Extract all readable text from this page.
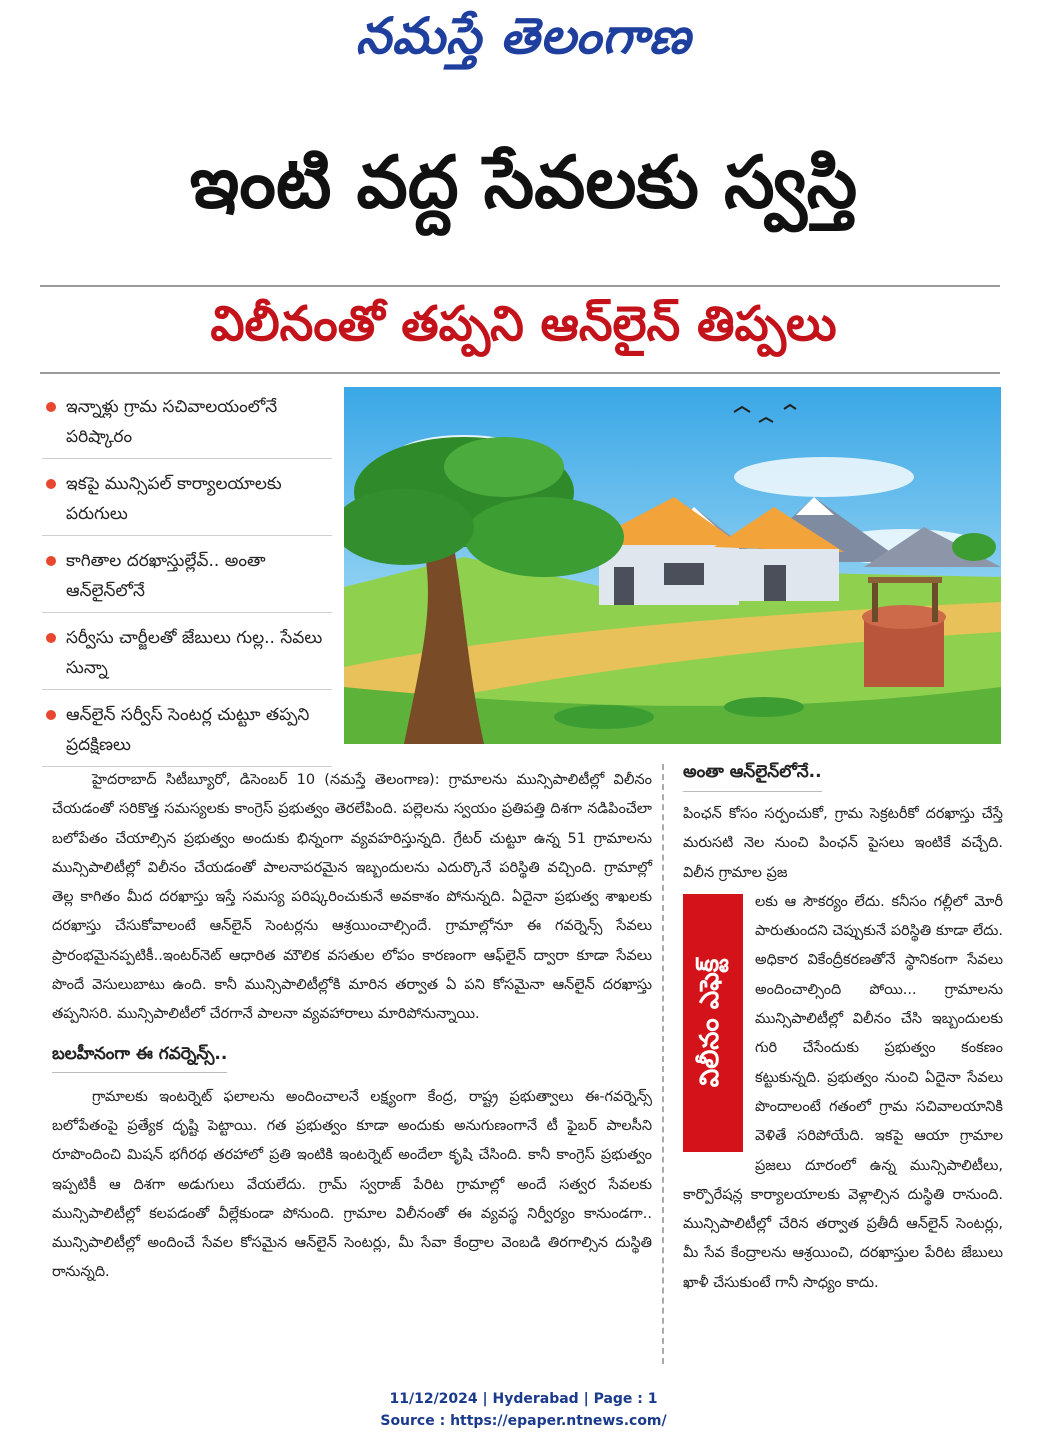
నమస్తే తెలంగాణ
ఇంటి వద్ద సేవలకు స్వస్తి
విలీనంతో తప్పని ఆన్‌లైన్ తిప్పలు
ఇన్నాళ్లు గ్రామ సచివాలయంలోనే పరిష్కారం
ఇకపై మున్సిపల్ కార్యాలయాలకు పరుగులు
కాగితాల దరఖాస్తుల్లేవ్.. అంతా ఆన్‌లైన్‌లోనే
సర్వీసు చార్జీలతో జేబులు గుల్ల.. సేవలు సున్నా
ఆన్‌లైన్ సర్వీస్ సెంటర్ల చుట్టూ తప్పని ప్రదక్షిణలు

హైదరాబాద్ సిటీబ్యూరో, డిసెంబర్ 10 (నమస్తే తెలంగాణ): గ్రామాలను మున్సిపాలిటీల్లో విలీనం చేయడంతో సరికొత్త సమస్యలకు కాంగ్రెస్ ప్రభుత్వం తెరలేపింది. పల్లెలను స్వయం ప్రతిపత్తి దిశగా నడిపించేలా బలోపేతం చేయాల్సిన ప్రభుత్వం అందుకు భిన్నంగా వ్యవహరిస్తున్నది. గ్రేటర్ చుట్టూ ఉన్న 51 గ్రామాలను మున్సిపాలిటీల్లో విలీనం చేయడంతో పాలనాపరమైన ఇబ్బందులను ఎదుర్కొనే పరిస్థితి వచ్చింది. గ్రామాల్లో తెల్ల కాగితం మీద దరఖాస్తు ఇస్తే సమస్య పరిష్కరించుకునే అవకాశం పోనున్నది. ఏదైనా ప్రభుత్వ శాఖలకు దరఖాస్తు చేసుకోవాలంటే ఆన్‌లైన్ సెంటర్లను ఆశ్రయించాల్సిందే. గ్రామాల్లోనూ ఈ గవర్నెన్స్ సేవలు ప్రారంభమైనప్పటికీ..ఇంటర్‌నెట్ ఆధారిత మౌలిక వసతుల లోపం కారణంగా ఆఫ్‌లైన్ ద్వారా కూడా సేవలు పొందే వెసులుబాటు ఉంది. కానీ మున్సిపాలిటీల్లోకి మారిన తర్వాత ఏ పని కోసమైనా ఆన్‌లైన్ దరఖాస్తు తప్పనిసరి. మున్సిపాలిటీలో చేరగానే పాలనా వ్యవహారాలు మారిపోనున్నాయి.

బలహీనంగా ఈ గవర్నెన్స్..

గ్రామాలకు ఇంటర్నెట్ ఫలాలను అందించాలనే లక్ష్యంగా కేంద్ర, రాష్ట్ర ప్రభుత్వాలు ఈ-గవర్నెన్స్ బలోపేతంపై ప్రత్యేక దృష్టి పెట్టాయి. గత ప్రభుత్వం కూడా అందుకు అనుగుణంగానే టీ ఫైబర్ పాలసీని రూపొందించి మిషన్ భగీరథ తరహాలో ప్రతి ఇంటికి ఇంటర్నెట్ అందేలా కృషి చేసింది. కానీ కాంగ్రెస్ ప్రభుత్వం ఇప్పటికీ ఆ దిశగా అడుగులు వేయలేదు. గ్రామ్ స్వరాజ్ పేరిట గ్రామాల్లో అందే సత్వర సేవలకు మున్సిపాలిటీల్లో కలపడంతో వీల్లేకుండా పోనుంది. గ్రామాల విలీనంతో ఈ వ్యవస్థ నిర్వీర్యం కానుండగా.. మున్సిపాలిటీల్లో అందించే సేవల కోసమైన ఆన్‌లైన్ సెంటర్లు, మీ సేవా కేంద్రాల వెంబడి తిరగాల్సిన దుస్థితి రానున్నది.

అంతా ఆన్‌లైన్‌లోనే..

పింఛన్ కోసం సర్పంచుకో, గ్రామ సెక్రటరీకో దరఖాస్తు చేస్తే మరుసటి నెల నుంచి పింఛన్ పైసలు ఇంటికే వచ్చేది. విలీన గ్రామాల ప్రజ

విలీనం ఎఫెక్ట్

లకు ఆ సౌకర్యం లేదు. కనీసం గల్లీలో మోరీ పారుతుందని చెప్పుకునే పరిస్థితి కూడా లేదు. అధికార వికేంద్రీకరణతోనే స్థానికంగా సేవలు అందించాల్సింది పోయి... గ్రామాలను మున్సిపాలిటీల్లో విలీనం చేసి ఇబ్బందులకు గురి చేసేందుకు ప్రభుత్వం కంకణం కట్టుకున్నది. ప్రభుత్వం నుంచి ఏదైనా సేవలు పొందాలంటే గతంలో గ్రామ సచివాలయానికి వెళితే సరిపోయేది. ఇకపై ఆయా గ్రామాల ప్రజలు దూరంలో ఉన్న మున్సిపాలిటీలు, కార్పొరేషన్ల కార్యాలయాలకు వెళ్లాల్సిన దుస్థితి రానుంది. మున్సిపాలిటీల్లో చేరిన తర్వాత ప్రతీదీ ఆన్‌లైన్ సెంటర్లు, మీ సేవ కేంద్రాలను ఆశ్రయించి, దరఖాస్తుల పేరిట జేబులు ఖాళీ చేసుకుంటే గానీ సాధ్యం కాదు.

11/12/2024 | Hyderabad | Page : 1
Source : https://epaper.ntnews.com/
